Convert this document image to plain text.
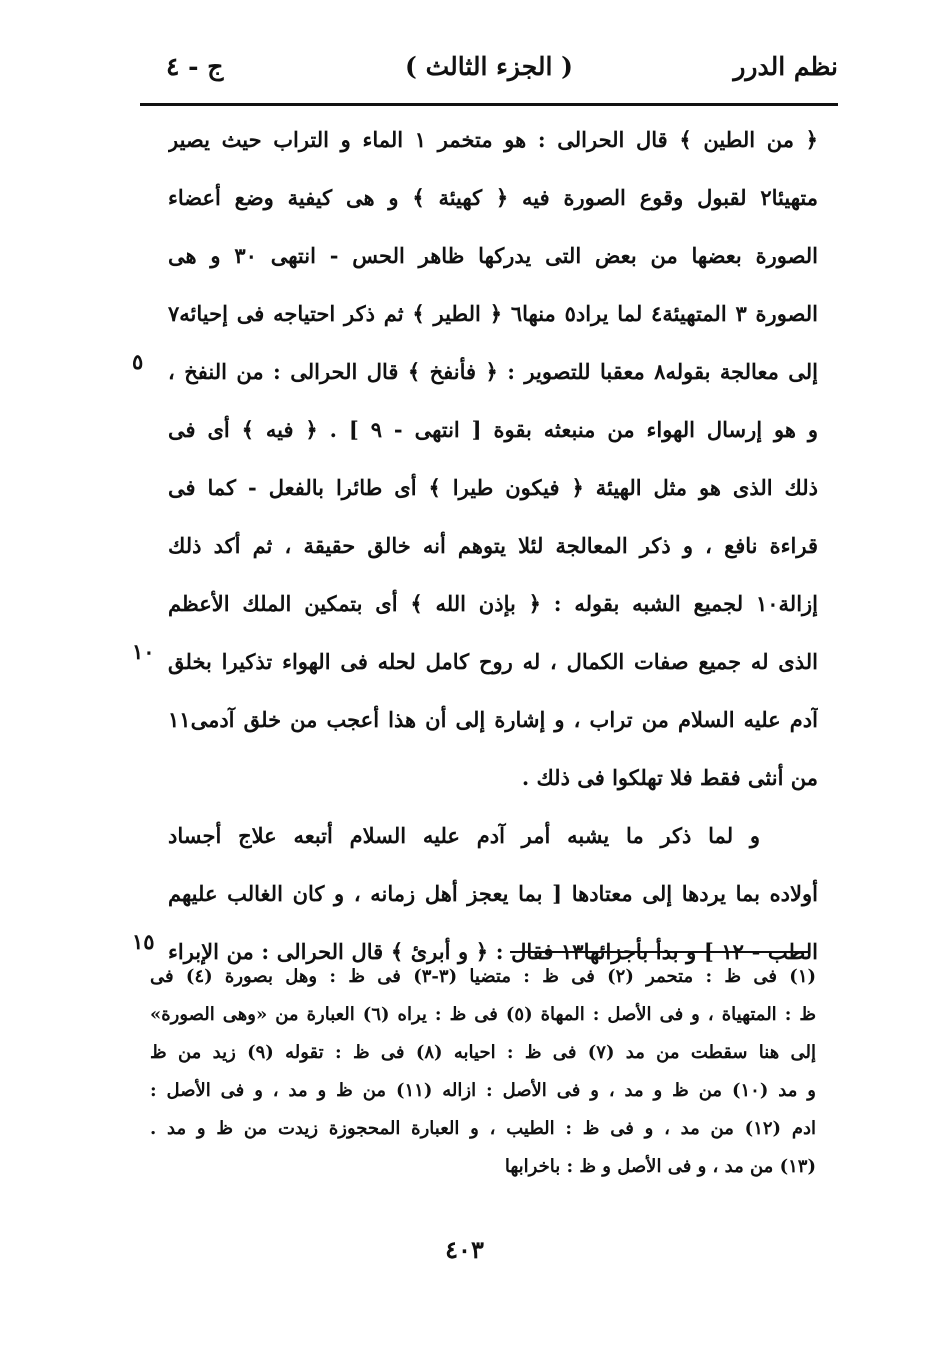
نظم الدرر
( الجزء الثالث )
ج - ٤
﴿ من الطين ﴾ قال الحرالى : هو متخمر ١ الماء و التراب حيث يصير
متهيئا٢ لقبول وقوع الصورة فيه ﴿ كهيئة ﴾ و هى كيفية وضع أعضاء
الصورة بعضها من بعض التى يدركها ظاهر الحس - انتهى ٣٠ و هى
الصورة ٣ المتهيئة٤ لما يراد٥ منها٦ ﴿ الطير ﴾ ثم ذكر احتياجه فى إحيائه٧
إلى معالجة بقوله٨ معقبا للتصوير : ﴿ فأنفخ ﴾ قال الحرالى : من النفخ ،
و هو إرسال الهواء من منبعثه بقوة [ انتهى - ٩ ] . ﴿ فيه ﴾ أى فى
ذلك الذى هو مثل الهيئة ﴿ فيكون طيرا ﴾ أى طائرا بالفعل - كما فى
قراءة نافع ، و ذكر المعالجة لئلا يتوهم أنه خالق حقيقة ، ثم أكد ذلك
إزالة١٠ لجميع الشبه بقوله : ﴿ بإذن الله ﴾ أى بتمكين الملك الأعظم
الذى له جميع صفات الكمال ، له روح كامل لحله فى الهواء تذكيرا بخلق
آدم عليه السلام من تراب ، و إشارة إلى أن هذا أعجب من خلق آدمى١١
من أنثى فقط فلا تهلكوا فى ذلك .
و لما ذكر ما يشبه أمر آدم عليه السلام أتبعه علاج أجساد
أولاده بما يردها إلى معتادها [ بما يعجز أهل زمانه ، و كان الغالب عليهم
الطب - ١٢ ] و بدأ بأجزائها١٣ فقال : ﴿ و أبرئ ﴾ قال الحرالى : من الإبراء
٥
١٠
١٥
(١) فى ظ : متحمر (٢) فى ظ : متضيا (٣-٣) فى ظ : وهل بصورة (٤) فى
ظ : المتهياة ، و فى الأصل : المهاة (٥) فى ظ : يراه (٦) العبارة من «وهى الصورة»
إلى هنا سقطت من مد (٧) فى ظ : احيابه (٨) فى ظ : تقوله (٩) زيد من ظ
و مد (١٠) من ظ و مد ، و فى الأصل : ازاله (١١) من ظ و مد ، و فى الأصل :
ادم (١٢) من مد ، و فى ظ : الطيب ، و العبارة المحجوزة زيدت من ظ و مد .
(١٣) من مد ، و فى الأصل و ظ : باخرابها
٤٠٣
